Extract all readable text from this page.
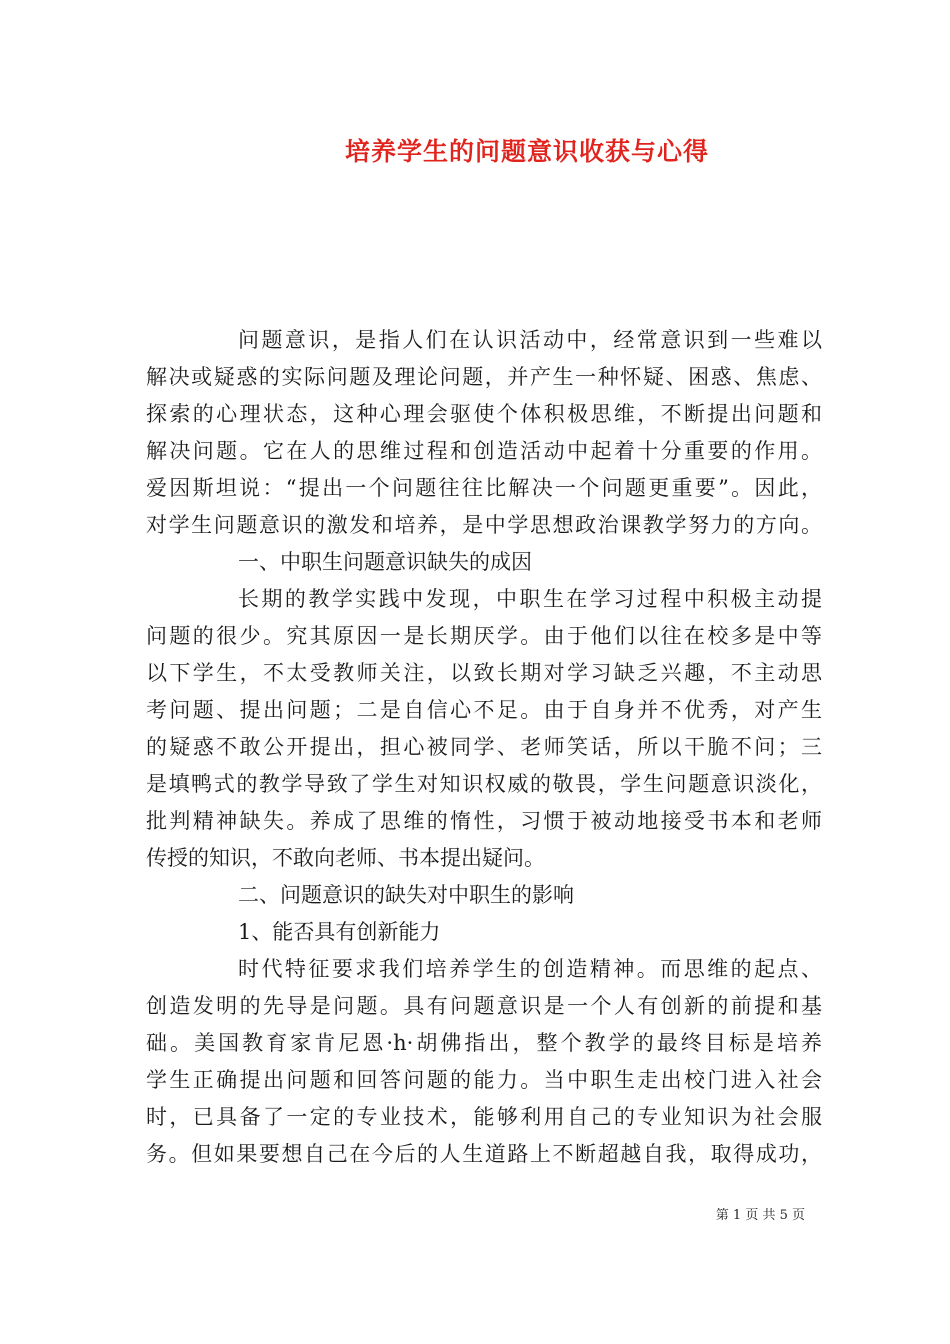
培养学生的问题意识收获与心得

问题意识，是指人们在认识活动中，经常意识到一些难以

解决或疑惑的实际问题及理论问题，并产生一种怀疑、困惑、焦虑、

探索的心理状态，这种心理会驱使个体积极思维，不断提出问题和

解决问题。它在人的思维过程和创造活动中起着十分重要的作用。

爱因斯坦说：“提出一个问题往往比解决一个问题更重要”。因此，

对学生问题意识的激发和培养，是中学思想政治课教学努力的方向。

一、中职生问题意识缺失的成因

长期的教学实践中发现，中职生在学习过程中积极主动提

问题的很少。究其原因一是长期厌学。由于他们以往在校多是中等

以下学生，不太受教师关注，以致长期对学习缺乏兴趣，不主动思

考问题、提出问题；二是自信心不足。由于自身并不优秀，对产生

的疑惑不敢公开提出，担心被同学、老师笑话，所以干脆不问；三

是填鸭式的教学导致了学生对知识权威的敬畏，学生问题意识淡化，

批判精神缺失。养成了思维的惰性，习惯于被动地接受书本和老师

传授的知识，不敢向老师、书本提出疑问。

二、问题意识的缺失对中职生的影响

1、能否具有创新能力

时代特征要求我们培养学生的创造精神。而思维的起点、

创造发明的先导是问题。具有问题意识是一个人有创新的前提和基

础。美国教育家肯尼恩·h·胡佛指出，整个教学的最终目标是培养

学生正确提出问题和回答问题的能力。当中职生走出校门进入社会

时，已具备了一定的专业技术，能够利用自己的专业知识为社会服

务。但如果要想自己在今后的人生道路上不断超越自我，取得成功，

第 1 页 共 5 页
